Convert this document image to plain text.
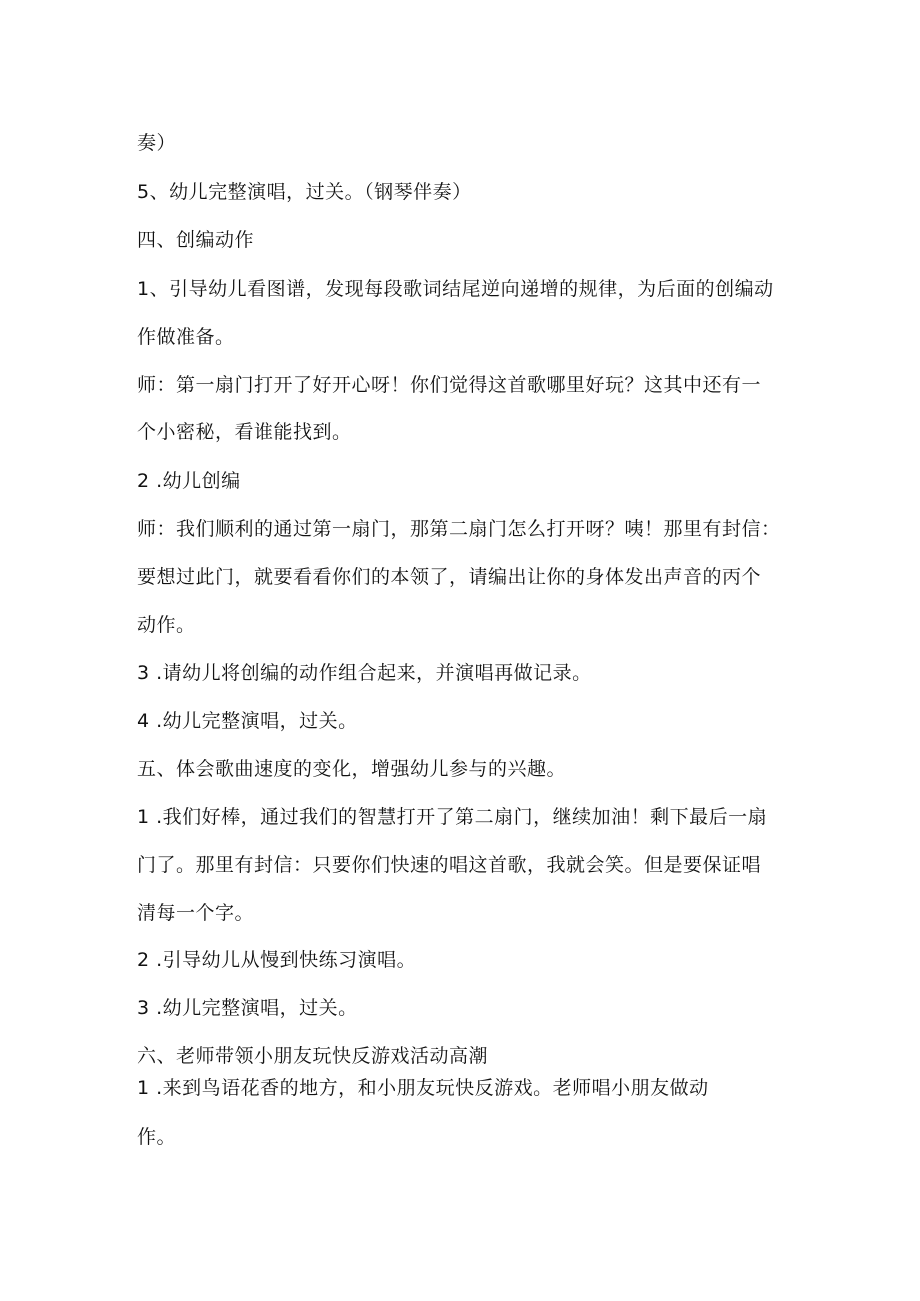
奏）
5、幼儿完整演唱，过关。（钢琴伴奏）
四、创编动作
1、引导幼儿看图谱，发现每段歌词结尾逆向递增的规律，为后面的创编动
作做准备。
师：第一扇门打开了好开心呀！你们觉得这首歌哪里好玩？这其中还有一
个小密秘，看谁能找到。
2 .幼儿创编
师：我们顺利的通过第一扇门，那第二扇门怎么打开呀？咦！那里有封信：
要想过此门，就要看看你们的本领了，请编出让你的身体发出声音的丙个
动作。
3 .请幼儿将创编的动作组合起来，并演唱再做记录。
4 .幼儿完整演唱，过关。
五、体会歌曲速度的变化，增强幼儿参与的兴趣。
1 .我们好棒，通过我们的智慧打开了第二扇门，继续加油！剩下最后一扇
门了。那里有封信：只要你们快速的唱这首歌，我就会笑。但是要保证唱
清每一个字。
2 .引导幼儿从慢到快练习演唱。
3 .幼儿完整演唱，过关。
六、老师带领小朋友玩快反游戏活动高潮
1 .来到鸟语花香的地方，和小朋友玩快反游戏。老师唱小朋友做动
作。
